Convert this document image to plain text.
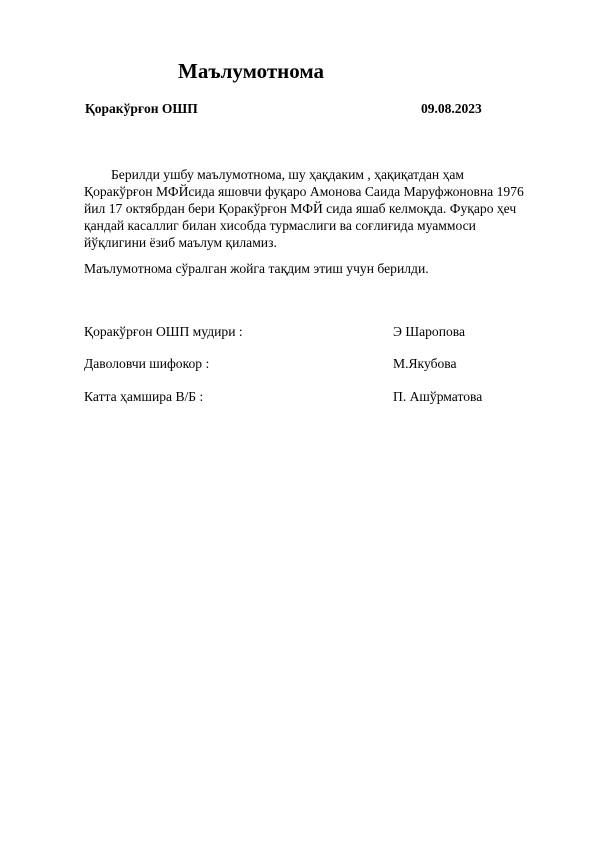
Маълумотнома
Қоракўрғон ОШП	09.08.2023

Берилди ушбу маълумотнома, шу ҳақдаким , ҳақиқатдан ҳам
Қоракўрғон МФЙсида яшовчи фуқаро Амонова Саида Маруфжоновна 1976
йил 17 октябрдан бери Қоракўрғон МФЙ сида яшаб келмоқда. Фуқаро ҳеч
қандай касаллиг билан хисобда турмаслиги ва соғлиғида муаммоси
йўқлигини ёзиб маълум қиламиз.

Маълумотнома сўралган жойга тақдим этиш учун берилди.

Қоракўрғон ОШП мудири :	Э Шаропова
Даволовчи шифокор :	М.Якубова
Катта ҳамшира В/Б :	П. Ашўрматова
